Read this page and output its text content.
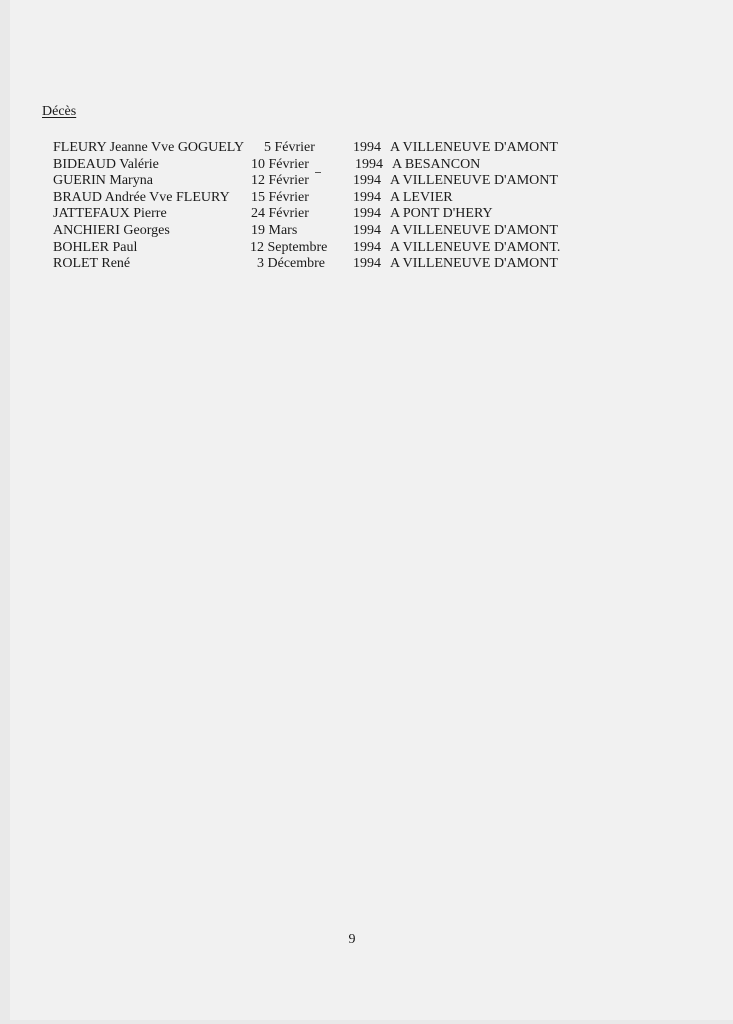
Décès
FLEURY Jeanne Vve GOGUELY 5 Février	1994 A VILLENEUVE D'AMONT
BIDEAUD Valérie	10 Février	1994 A BESANCON
GUERIN Maryna	12 Février	1994 A VILLENEUVE D'AMONT
BRAUD Andrée Vve FLEURY 15 Février	1994 A LEVIER
JATTEFAUX Pierre	24 Février	1994 A PONT D'HERY
ANCHIERI Georges	19 Mars	1994 A VILLENEUVE D'AMONT
BOHLER Paul	12 Septembre 1994 A VILLENEUVE D'AMONT.
ROLET René	3 Décembre 1994 A VILLENEUVE D'AMONT
9
